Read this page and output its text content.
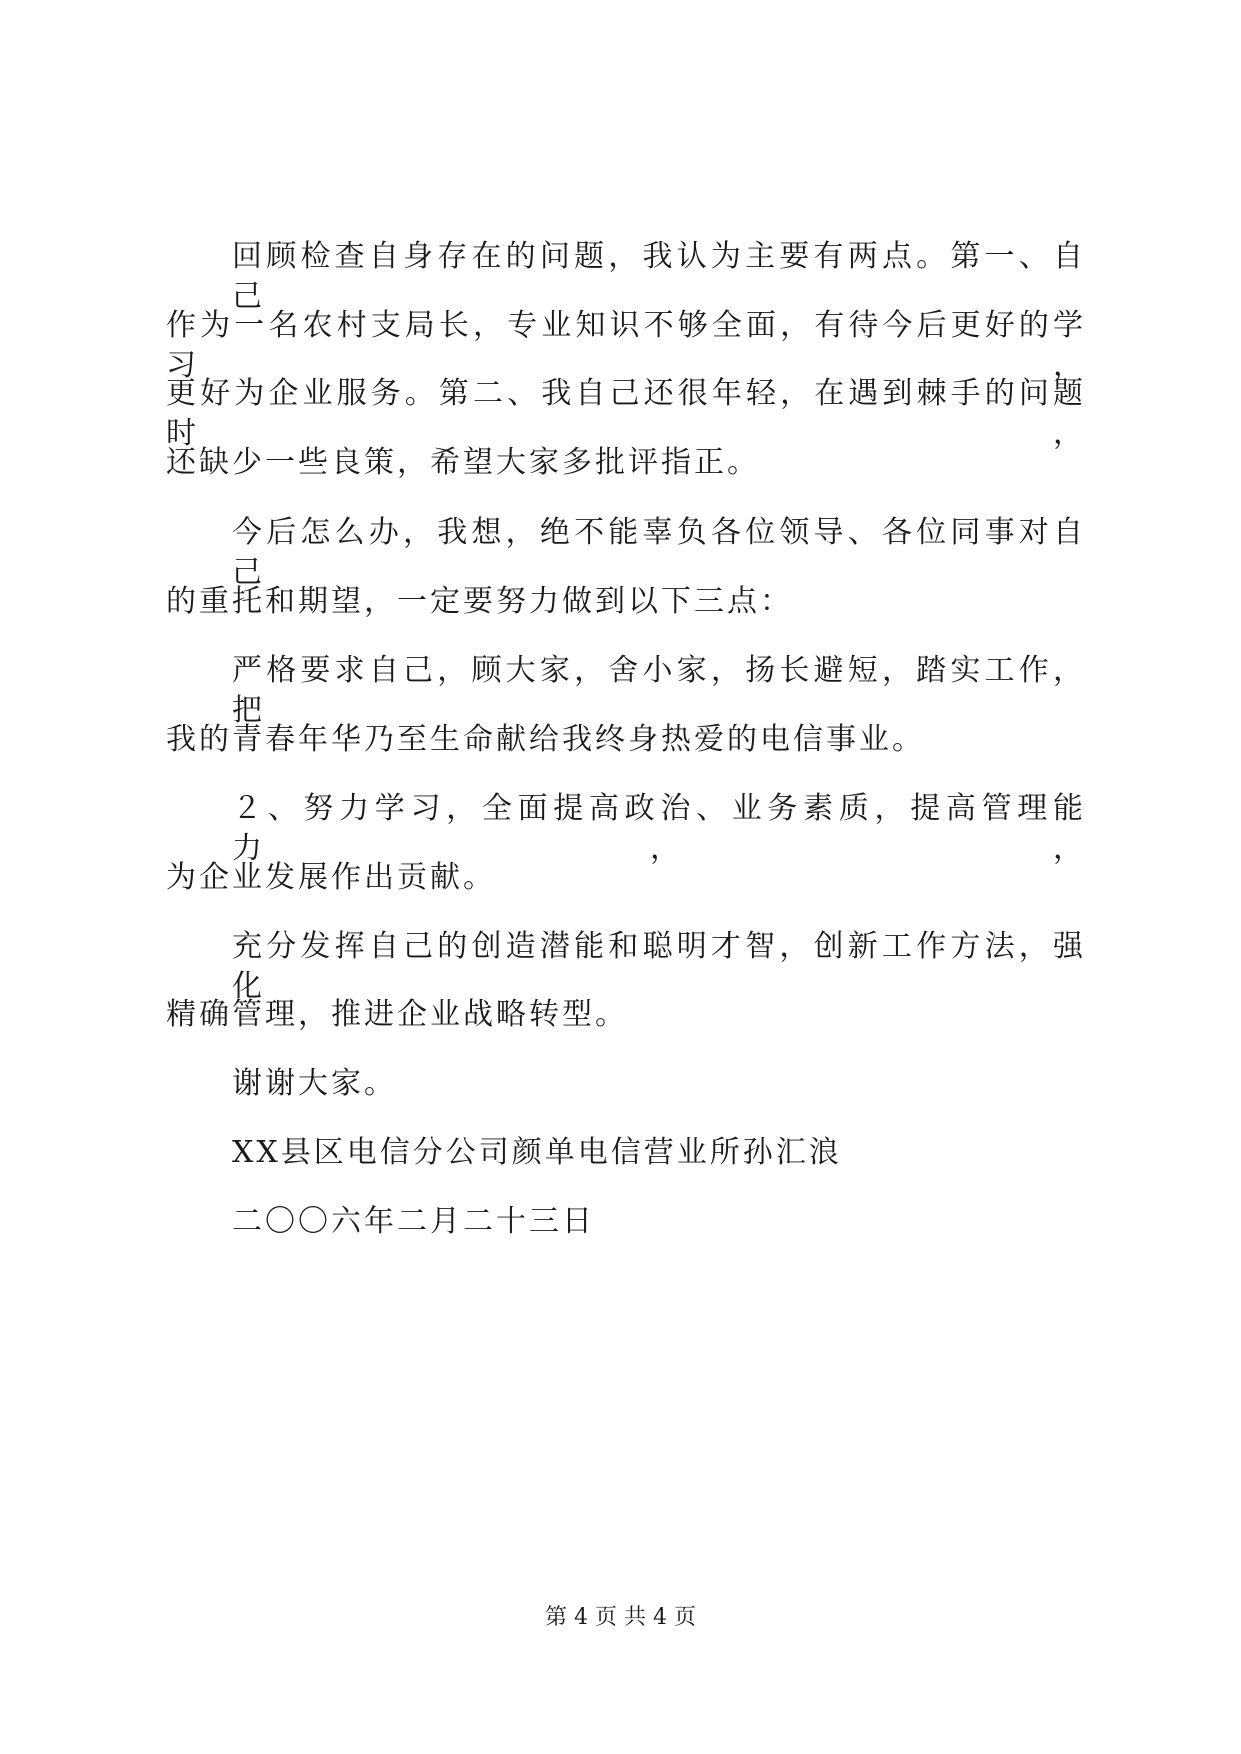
回顾检查自身存在的问题，我认为主要有两点。第一、自己
作为一名农村支局长，专业知识不够全面，有待今后更好的学习，
更好为企业服务。第二、我自己还很年轻，在遇到棘手的问题时，
还缺少一些良策，希望大家多批评指正。
今后怎么办，我想，绝不能辜负各位领导、各位同事对自己
的重托和期望，一定要努力做到以下三点：
严格要求自己，顾大家，舍小家，扬长避短，踏实工作，把
我的青春年华乃至生命献给我终身热爱的电信事业。
２、努力学习，全面提高政治、业务素质，提高管理能力，，
为企业发展作出贡献。
充分发挥自己的创造潜能和聪明才智，创新工作方法，强化
精确管理，推进企业战略转型。
谢谢大家。
XX县区电信分公司颜单电信营业所孙汇浪
二〇〇六年二月二十三日
第 4 页 共 4 页
